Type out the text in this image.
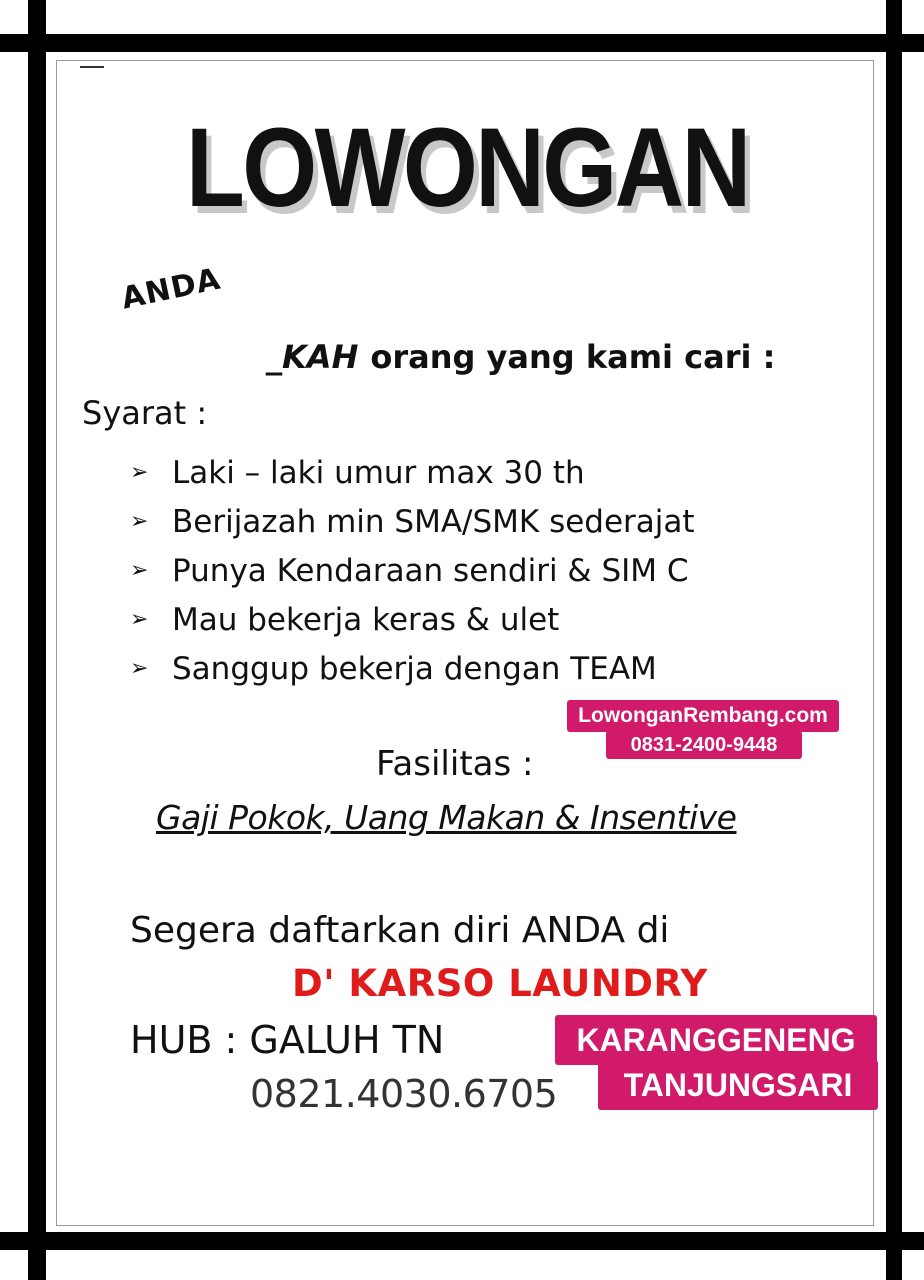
LOWONGAN
ANDA
_KAH orang yang kami cari :
Syarat :
➢ Laki – laki umur max 30 th
➢ Berijazah min SMA/SMK sederajat
➢ Punya Kendaraan sendiri & SIM C
➢ Mau bekerja keras & ulet
➢ Sanggup bekerja dengan TEAM
LowonganRembang.com
0831-2400-9448
Fasilitas :
Gaji Pokok, Uang Makan & Insentive
Segera daftarkan diri ANDA di
D' KARSO LAUNDRY
HUB : GALUH TN
0821.4030.6705
KARANGGENENG
TANJUNGSARI
